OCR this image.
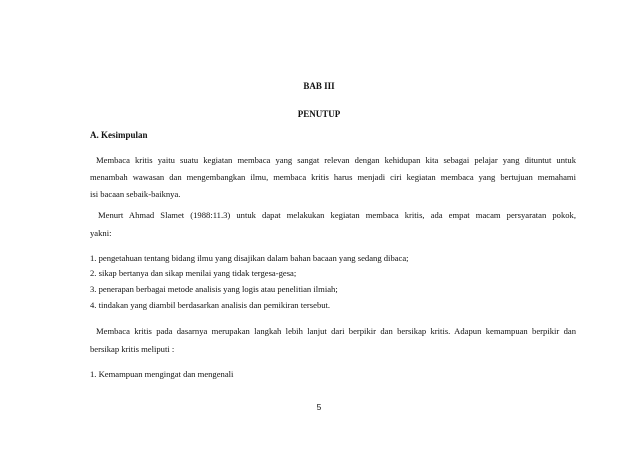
BAB III
PENUTUP
A. Kesimpulan
Membaca kritis yaitu suatu kegiatan membaca yang sangat relevan dengan kehidupan kita sebagai pelajar yang dituntut untuk
menambah wawasan dan mengembangkan ilmu, membaca kritis harus menjadi ciri kegiatan membaca yang bertujuan memahami
isi bacaan sebaik-baiknya.
Menurt Ahmad Slamet (1988:11.3) untuk dapat melakukan kegiatan membaca kritis, ada empat macam persyaratan pokok,
yakni:
1. pengetahuan tentang bidang ilmu yang disajikan dalam bahan bacaan yang sedang dibaca;
2. sikap bertanya dan sikap menilai yang tidak tergesa-gesa;
3. penerapan berbagai metode analisis yang logis atau penelitian ilmiah;
4. tindakan yang diambil berdasarkan analisis dan pemikiran tersebut.
Membaca kritis pada dasarnya merupakan langkah lebih lanjut dari berpikir dan bersikap kritis. Adapun kemampuan berpikir dan
bersikap kritis meliputi :
1. Kemampuan mengingat dan mengenali
5
